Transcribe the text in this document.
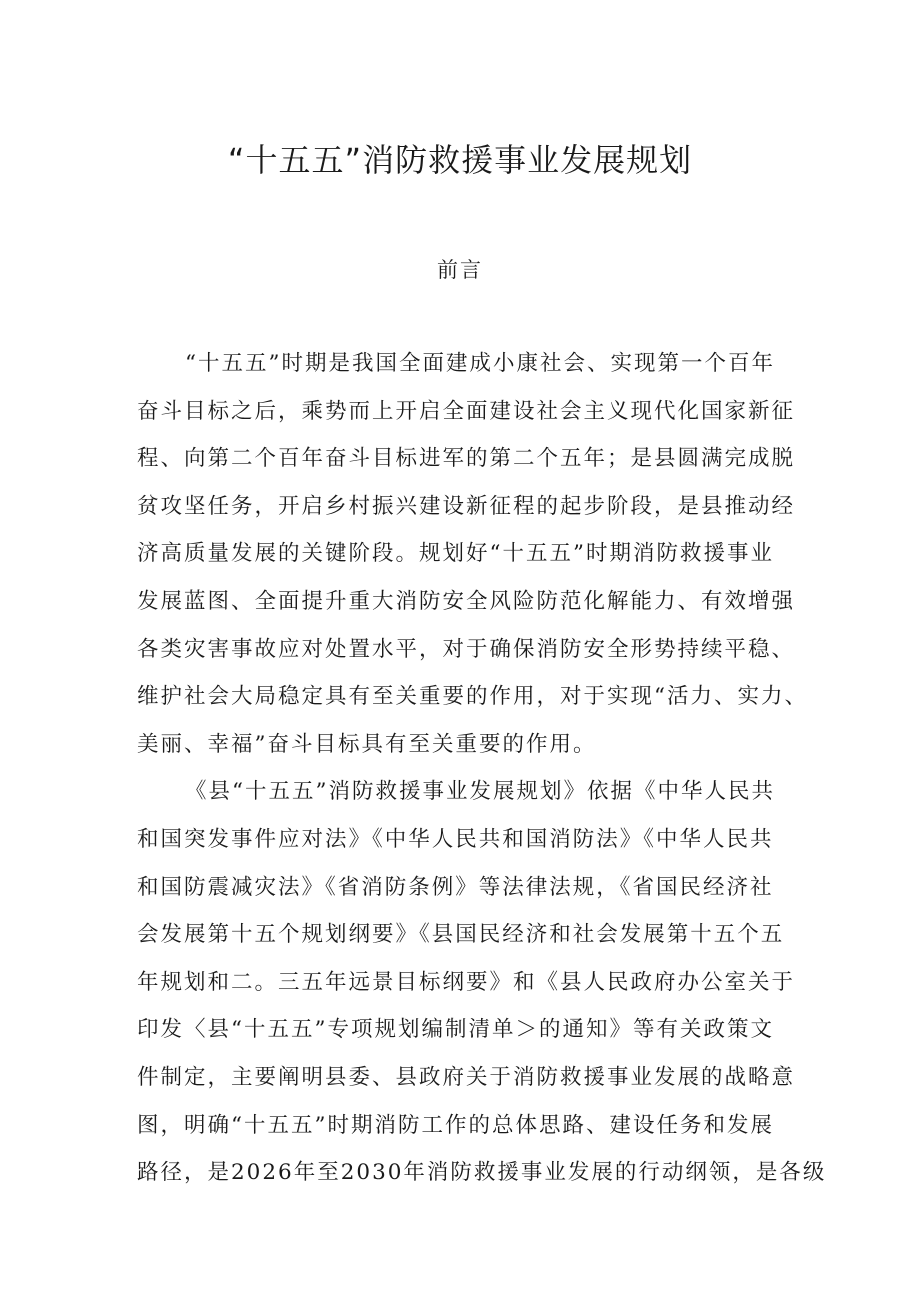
“十五五”消防救援事业发展规划
前言

“十五五”时期是我国全面建成小康社会、实现第一个百年
奋斗目标之后，乘势而上开启全面建设社会主义现代化国家新征
程、向第二个百年奋斗目标进军的第二个五年；是县圆满完成脱
贫攻坚任务，开启乡村振兴建设新征程的起步阶段，是县推动经
济高质量发展的关键阶段。规划好“十五五”时期消防救援事业
发展蓝图、全面提升重大消防安全风险防范化解能力、有效增强
各类灾害事故应对处置水平，对于确保消防安全形势持续平稳、
维护社会大局稳定具有至关重要的作用，对于实现“活力、实力、
美丽、幸福”奋斗目标具有至关重要的作用。

《县“十五五”消防救援事业发展规划》依据《中华人民共
和国突发事件应对法》《中华人民共和国消防法》《中华人民共
和国防震减灾法》《省消防条例》等法律法规，《省国民经济社
会发展第十五个规划纲要》《县国民经济和社会发展第十五个五
年规划和二。三五年远景目标纲要》和《县人民政府办公室关于
印发〈县“十五五”专项规划编制清单＞的通知》等有关政策文
件制定，主要阐明县委、县政府关于消防救援事业发展的战略意
图，明确“十五五”时期消防工作的总体思路、建设任务和发展
路径，是2026年至2030年消防救援事业发展的行动纲领，是各级
